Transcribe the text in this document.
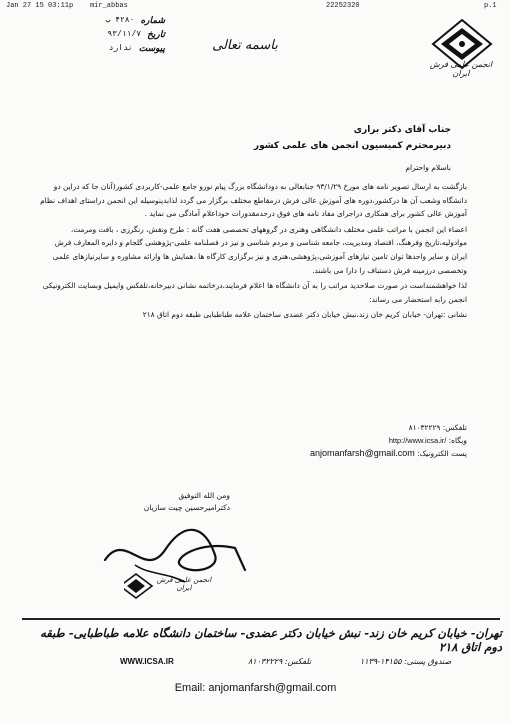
Jan 27 15 03:11p mir_abbas	22252320	p.1
انجمن علمی فرش ایران
باسمه تعالی
شماره
۴۲۸۰ ب
تاریخ
۹۳/۱۱/۷
پیوست
ندارد
جناب آقای دکتر براری
دبیرمحترم کمیسیون انجمن های علمی کشور
باسلام واحترام

بازگشت به ارسال تصویر نامه های مورخ ۹۳/۱/۲۹ جنابعالی به دودانشگاه بزرگ پیام نورو جامع علمی-کاربردی کشور(آنان جا که دراین دو دانشگاه وشعب آن ها درکشور،دوره های آموزش عالی فرش درمقاطع مختلف برگزار می گردد لذابدینوسیله این انجمن دراستای اهداف نظام آموزش عالی کشور برای همکاری دراجرای مفاد نامه های فوق درحدمقدورات خوداعلام آمادگی می نماید .

اعضاء این انجمن با مراتب علمی مختلف دانشگاهی وهنری در گروههای تخصصی هفت گانه : طرح ونقش، رنگرزی ، بافت ومرمت، موادولیه،تاریخ وفرهنگ، اقتصاد ومدیریت، جامعه شناسی و مردم شناسی و نیز در فصلنامه علمی-پژوهشی گلجام و دایره المعارف فرش ایران و سایر واحدها توان تامین نیازهای آموزشی،پژوهشی،هنری و نیز برگزاری کارگاه ها ،همایش ها وارائه مشاوره و سایرنیازهای علمی وتخصصی درزمینه فرش دستباف را دارا می باشند.

لذا خواهشمنداست در صورت صلاحدید مراتب را به آن دانشگاه ها اعلام فرمایند،درخاتمه نشانی دبیرخانه،تلفکس وایمیل وبسایت الکترونیکی انجمن رابه استحضار می رساند:

نشانی :تهران- خیابان کریم خان زند،نبش خیابان دکتر عضدی ساختمان علامه طباطبایی طبقه دوم اتاق ۲۱۸

تلفکس: ۸۱۰۳۲۲۲۹
وبگاه: http://www.icsa.ir/
پست الکترونیک: anjomanfarsh@gmail.com
ومن الله التوفیق
دکترامیرحسین چیت سازیان
انجمن علمی فرش ایران
تهران- خیابان کریم خان زند- نبش خیابان دکتر عضدی- ساختمان دانشگاه علامه طباطبایی- طبقه دوم اتاق ۲۱۸
WWW.ICSA.IR	تلفکس: ۸۱۰۳۲۲۲۹	صندوق پستی: ۱۴۱۵۵-۱۱۳۹
Email: anjomanfarsh@gmail.com
